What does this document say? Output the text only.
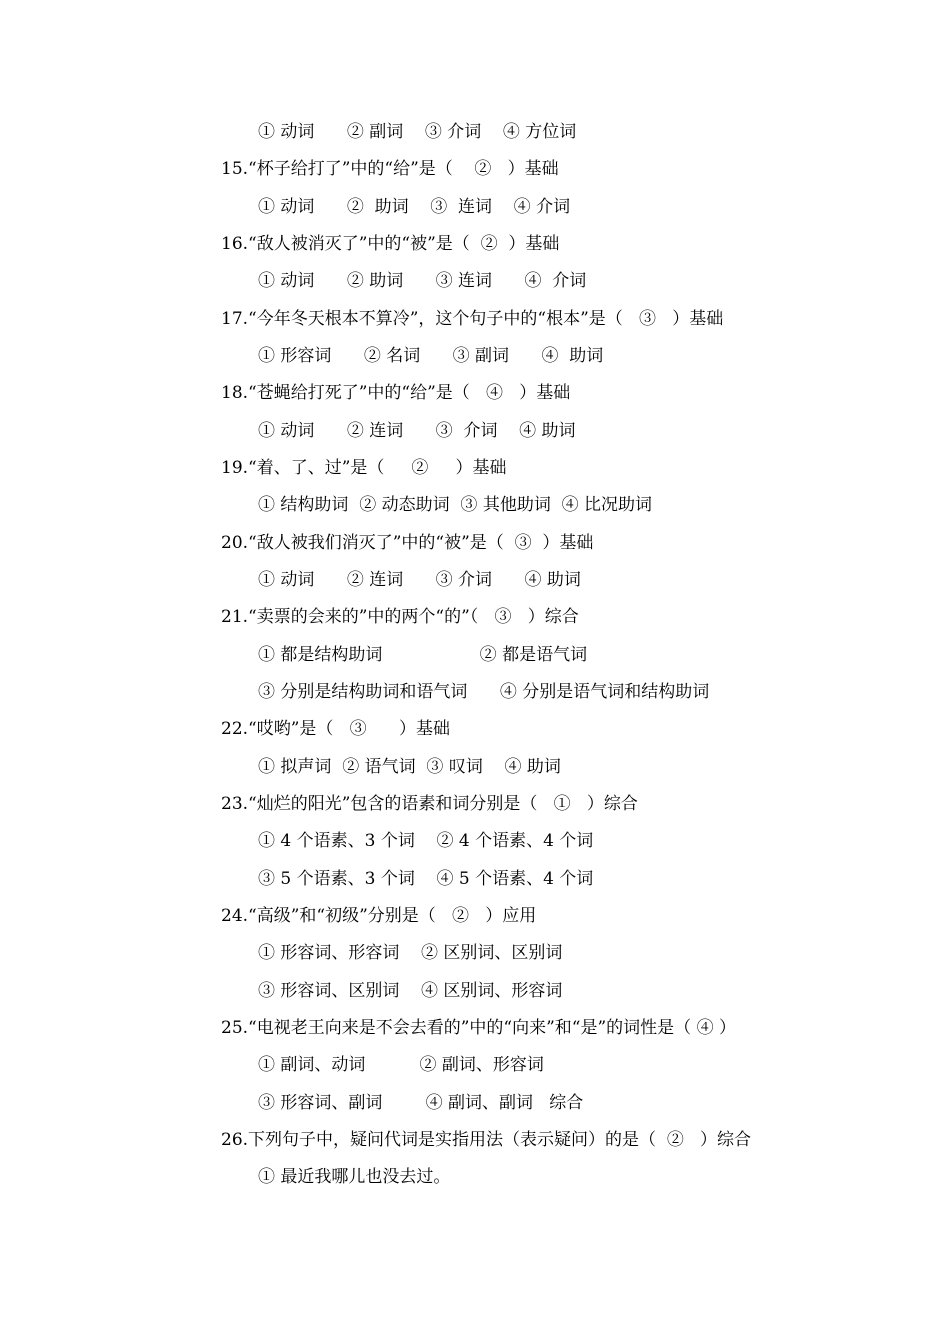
① 动词      ② 副词    ③ 介词    ④ 方位词
15.“杯子给打了”中的“给”是（    ②   ）基础
① 动词      ②  助词    ③  连词    ④ 介词
16.“敌人被消灭了”中的“被”是（  ②  ）基础
① 动词      ② 助词      ③ 连词      ④  介词
17.“今年冬天根本不算冷”，这个句子中的“根本”是（   ③   ）基础
① 形容词      ② 名词      ③ 副词      ④  助词
18.“苍蝇给打死了”中的“给”是（   ④   ）基础
① 动词      ② 连词      ③  介词    ④ 助词
19.“着、了、过”是（     ②     ）基础
① 结构助词  ② 动态助词  ③ 其他助词  ④ 比况助词
20.“敌人被我们消灭了”中的“被”是（  ③  ）基础
① 动词      ② 连词      ③ 介词      ④ 助词
21.“卖票的会来的”中的两个“的”（   ③   ）综合
① 都是结构助词                  ② 都是语气词
③ 分别是结构助词和语气词      ④ 分别是语气词和结构助词
22.“哎哟”是（   ③      ）基础
① 拟声词  ② 语气词  ③ 叹词    ④ 助词
23.“灿烂的阳光”包含的语素和词分别是（   ①   ）综合
① 4 个语素、3 个词    ② 4 个语素、4 个词
③ 5 个语素、3 个词    ④ 5 个语素、4 个词
24.“高级”和“初级”分别是（   ②   ）应用
① 形容词、形容词    ② 区别词、区别词
③ 形容词、区别词    ④ 区别词、形容词
25.“电视老王向来是不会去看的”中的“向来”和“是”的词性是（ ④ ）
① 副词、动词          ② 副词、形容词
③ 形容词、副词        ④ 副词、副词   综合
26.下列句子中，疑问代词是实指用法（表示疑问）的是（  ②   ）综合
① 最近我哪儿也没去过。
